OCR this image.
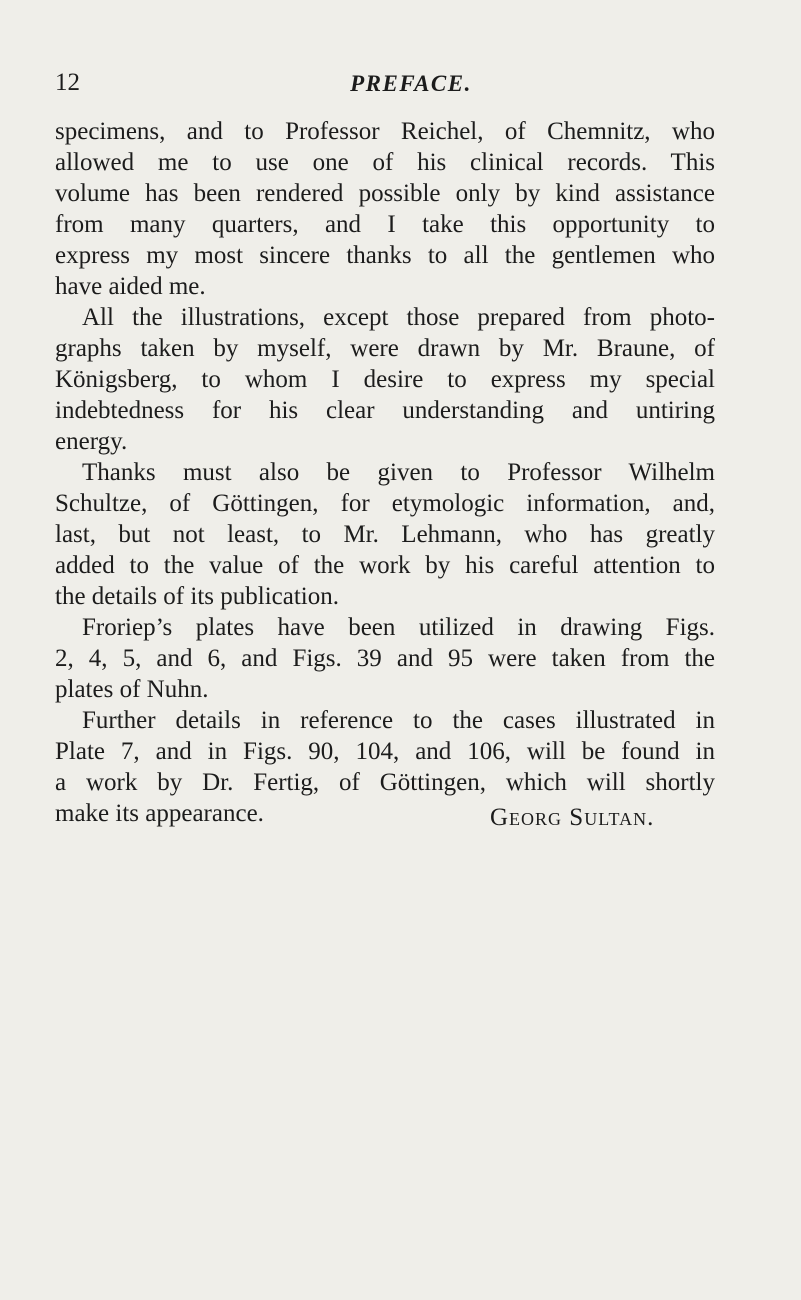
12	PREFACE.
specimens, and to Professor Reichel, of Chemnitz, who
allowed me to use one of his clinical records. This
volume has been rendered possible only by kind assistance
from many quarters, and I take this opportunity to
express my most sincere thanks to all the gentlemen who
have aided me.
All the illustrations, except those prepared from photo-
graphs taken by myself, were drawn by Mr. Braune, of
Königsberg, to whom I desire to express my special
indebtedness for his clear understanding and untiring
energy.
Thanks must also be given to Professor Wilhelm
Schultze, of Göttingen, for etymologic information, and,
last, but not least, to Mr. Lehmann, who has greatly
added to the value of the work by his careful attention to
the details of its publication.
Froriep’s plates have been utilized in drawing Figs.
2, 4, 5, and 6, and Figs. 39 and 95 were taken from the
plates of Nuhn.
Further details in reference to the cases illustrated in
Plate 7, and in Figs. 90, 104, and 106, will be found in
a work by Dr. Fertig, of Göttingen, which will shortly
make its appearance.	Georg Sultan.
